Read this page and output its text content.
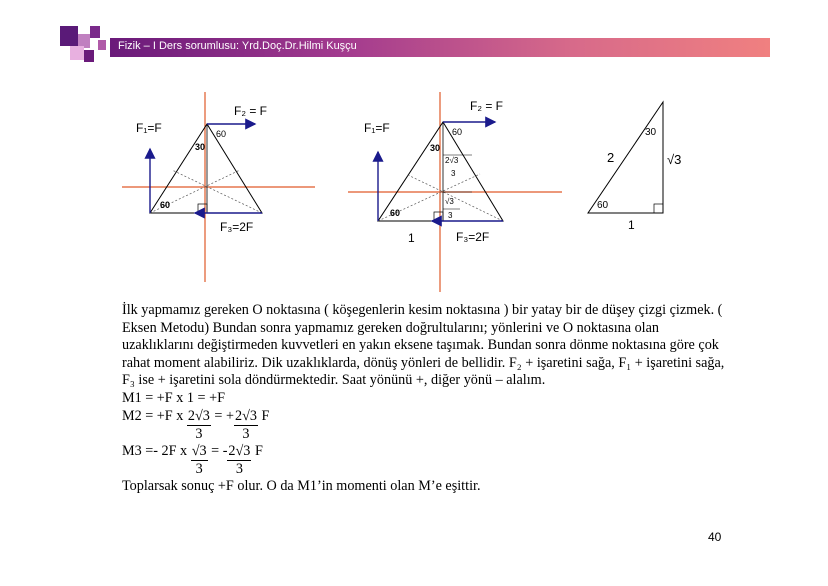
Fizik – I Ders sorumlusu: Yrd.Doç.Dr.Hilmi Kuşçu
F₁=F
F₂ = F
F₃=2F
60
30
60
F₁=F
F₂ = F
F₃=2F
60
30
2√3
3
√3
3
60
1
30
2	√3
60
1

İlk yapmamız gereken O noktasına ( köşegenlerin kesim noktasına ) bir yatay bir de düşey çizgi çizmek. ( Eksen Metodu) Bundan sonra yapmamız gereken doğrultularını; yönlerini ve O noktasına olan uzaklıklarını değiştirmeden kuvvetleri en yakın eksene taşımak. Bundan sonra dönme noktasına göre çok rahat moment alabiliriz. Dik uzaklıklarda, dönüş yönleri de bellidir. F₂ + işaretini sağa, F₁ + işaretini sağa, F₃ ise + işaretini sola döndürmektedir. Saat yönünü +, diğer yönü – alalım.

M1 = +F x 1 = +F
M2 = +F x $\frac{2√3}{3}$ = + $\frac{2√3}{3}$ F
M3 =- 2F x $\frac{√3}{3}$ = - $\frac{2√3}{3}$ F

Toplarsak sonuç +F olur. O da M1’in momenti olan M’e eşittir.

40
